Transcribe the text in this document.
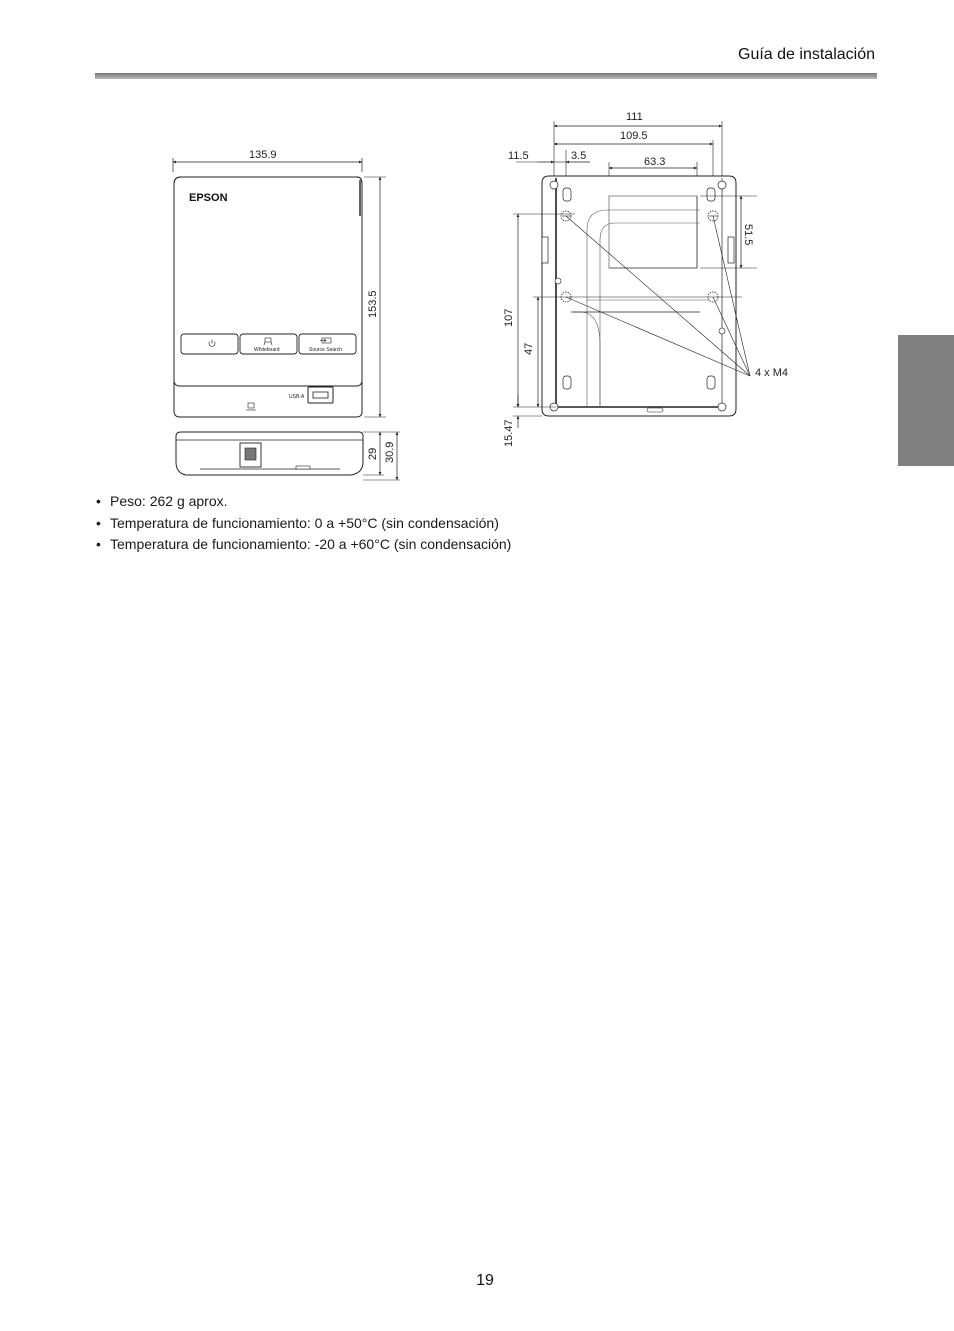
Guía de instalación
135.9
EPSON
Whiteboard	Source Search
USB-A
153.5
29 30.9
111
109.5
11.5	3.5	63.3
4 x M4
51.5
107
47
15.47
• Peso: 262 g aprox.
• Temperatura de funcionamiento: 0 a +50°C (sin condensación)
• Temperatura de funcionamiento: -20 a +60°C (sin condensación)
19
